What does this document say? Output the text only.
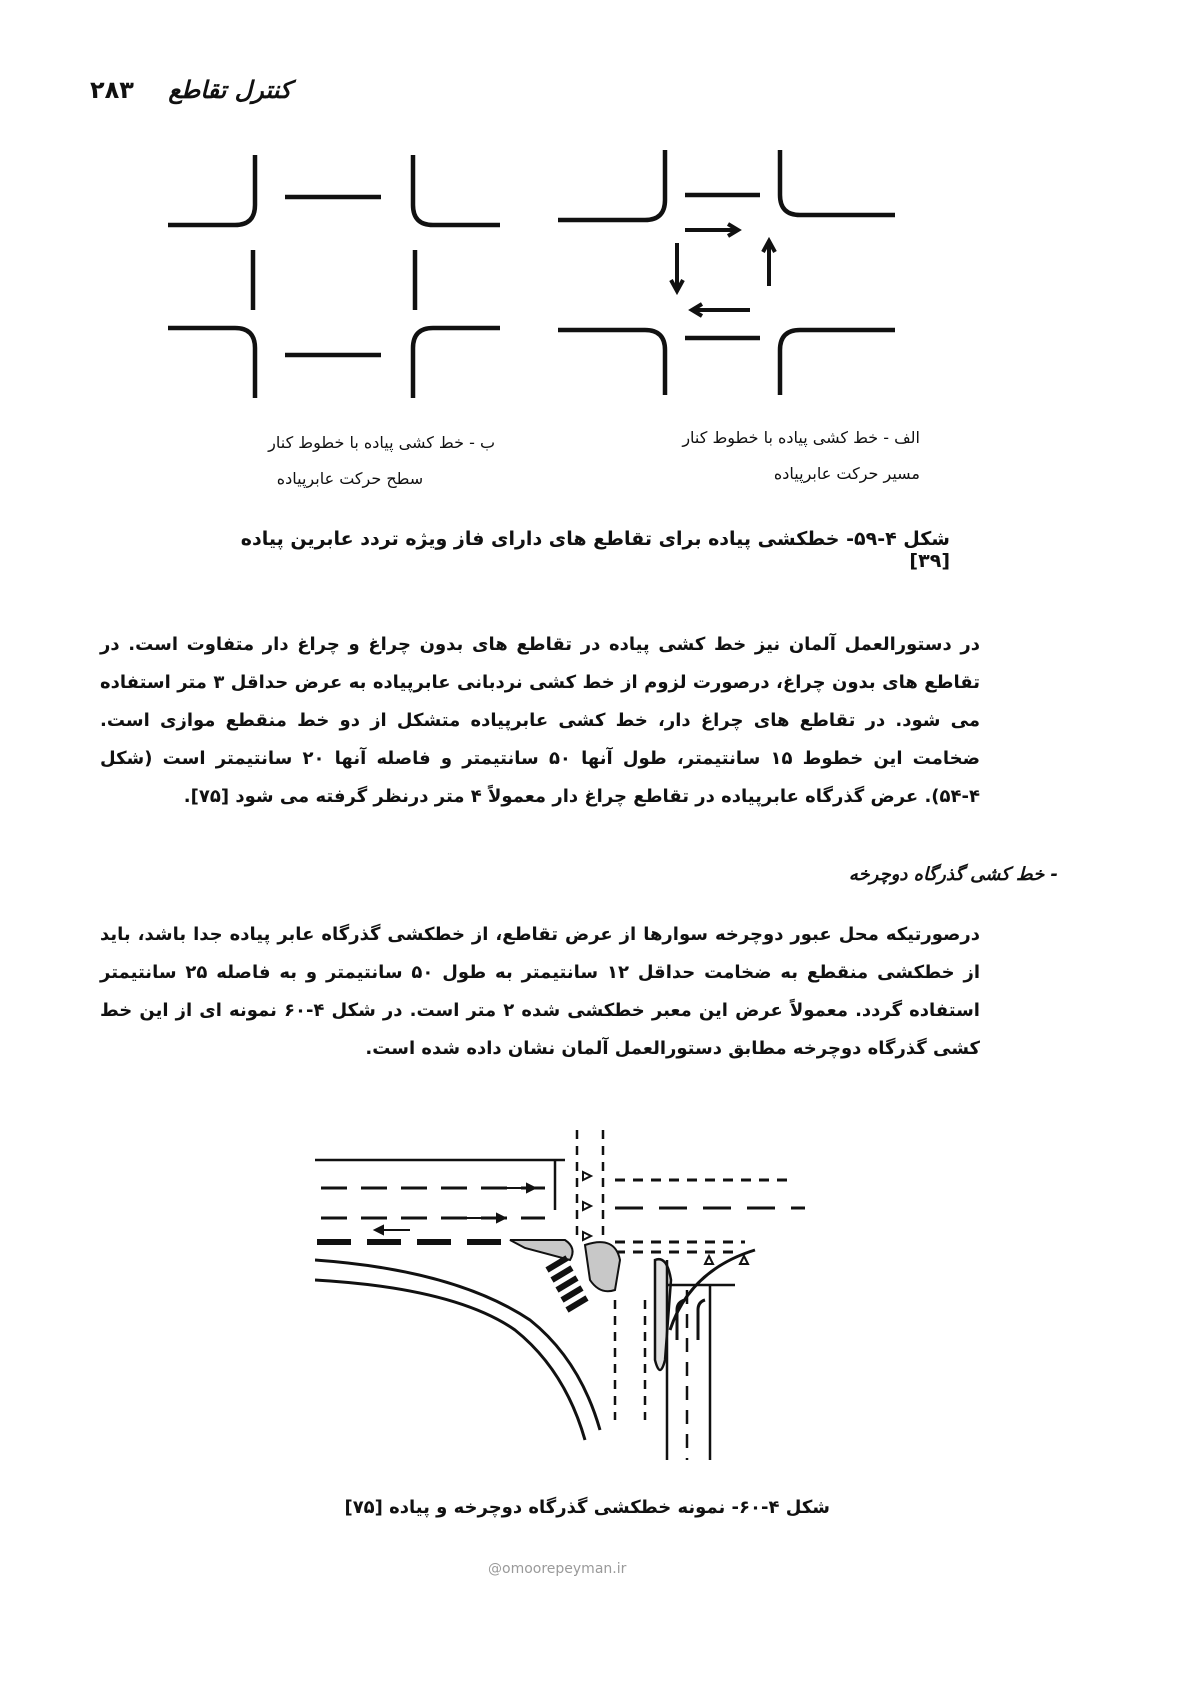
۲۸۳ کنترل تقاطع
الف - خط کشی پیاده با خطوط کنار
مسیر حرکت عابرپیاده
ب - خط کشی پیاده با خطوط کنار
سطح حرکت عابرپیاده
شکل ۴-۵۹- خطکشی پیاده برای تقاطع های دارای فاز ویژه تردد عابرین پیاده [۳۹]
در دستورالعمل آلمان نیز خط کشی پیاده در تقاطع های بدون چراغ و چراغ دار متفاوت است. در تقاطع های بدون چراغ، درصورت لزوم از خط کشی نردبانی عابرپیاده به عرض حداقل ۳ متر استفاده می شود. در تقاطع های چراغ دار، خط کشی عابرپیاده متشکل از دو خط منقطع موازی است. ضخامت این خطوط ۱۵ سانتیمتر، طول آنها ۵۰ سانتیمتر و فاصله آنها ۲۰ سانتیمتر است (شکل ۴-۵۴). عرض گذرگاه عابرپیاده در تقاطع چراغ دار معمولاً ۴ متر درنظر گرفته می شود [۷۵].
- خط کشی گذرگاه دوچرخه
درصورتیکه محل عبور دوچرخه سوارها از عرض تقاطع، از خطکشی گذرگاه عابر پیاده جدا باشد، باید از خطکشی منقطع به ضخامت حداقل ۱۲ سانتیمتر به طول ۵۰ سانتیمتر و به فاصله ۲۵ سانتیمتر استفاده گردد. معمولاً عرض این معبر خطکشی شده ۲ متر است. در شکل ۴-۶۰ نمونه ای از این خط کشی گذرگاه دوچرخه مطابق دستورالعمل آلمان نشان داده شده است.
شکل ۴-۶۰- نمونه خطکشی گذرگاه دوچرخه و پیاده [۷۵]
@omoorepeyman.ir
